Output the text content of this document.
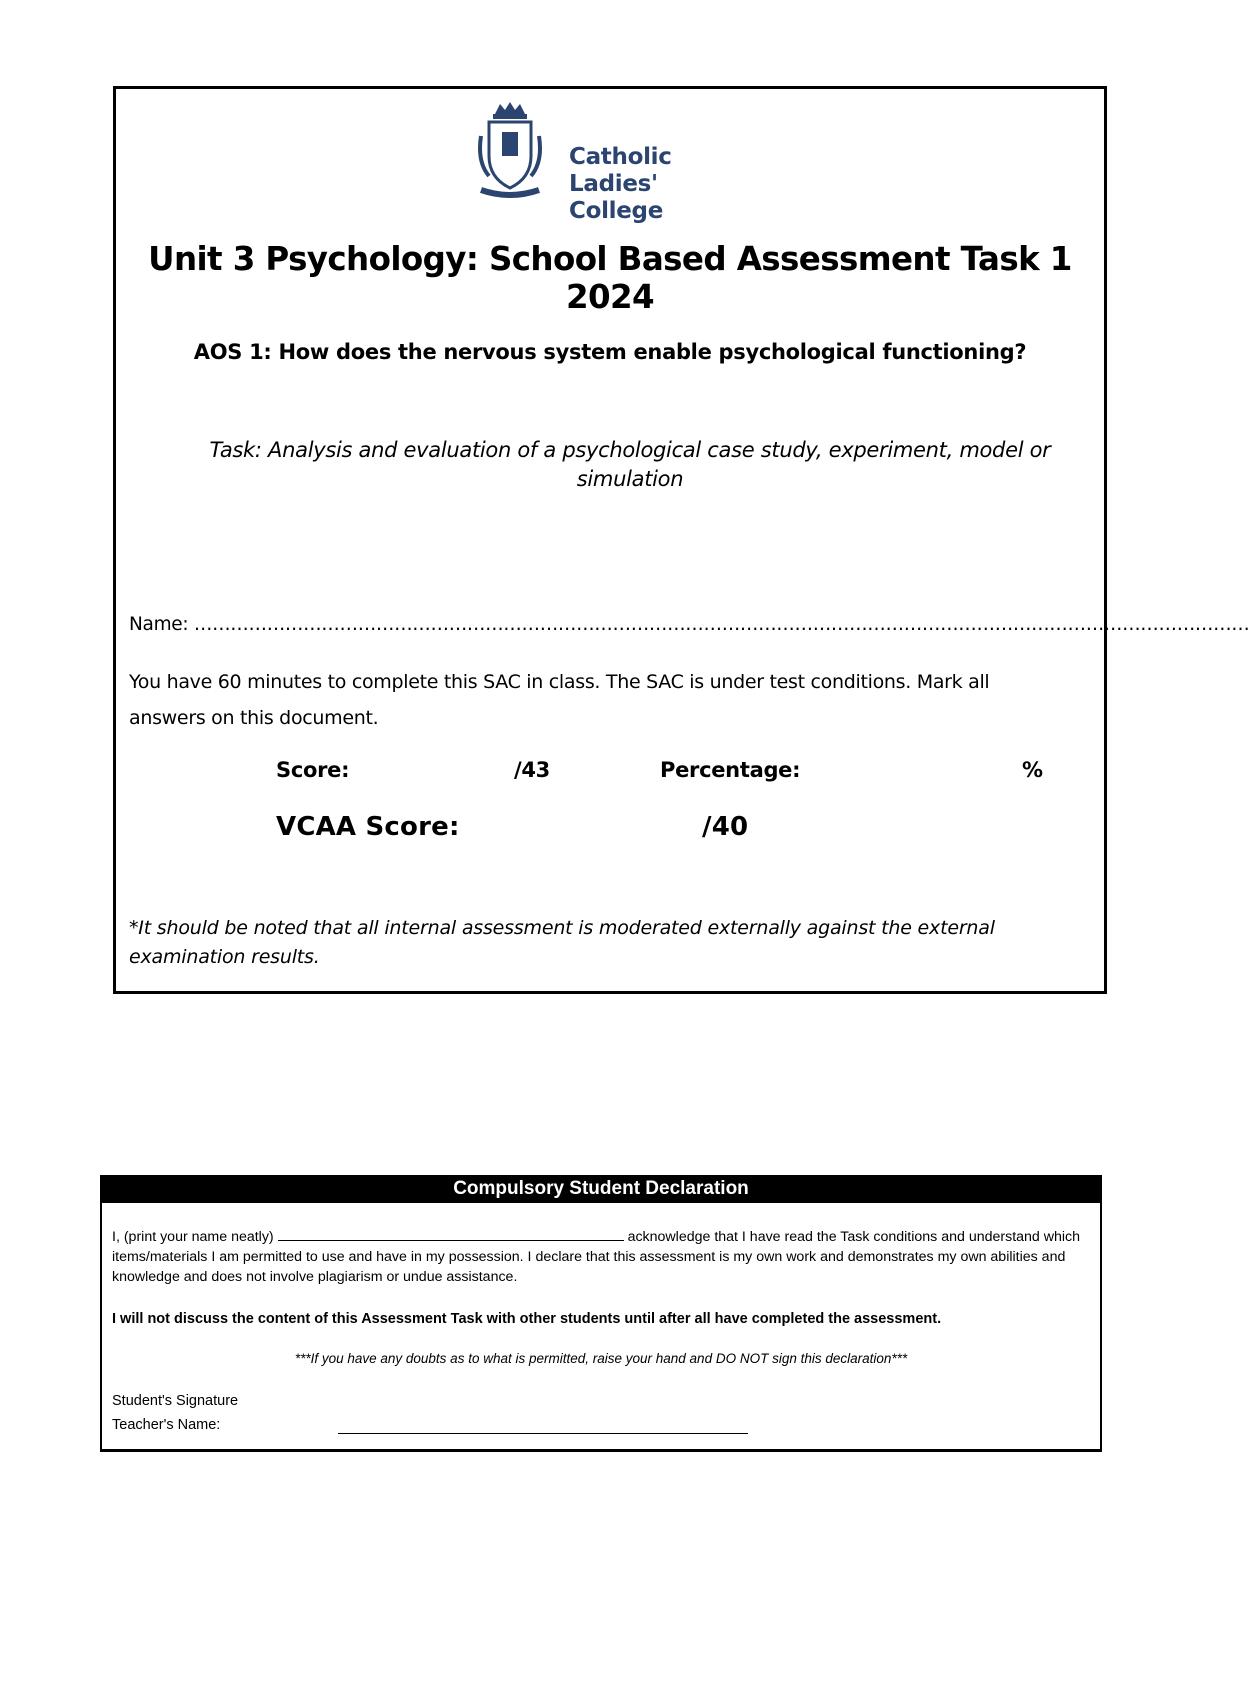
Catholic
Ladies' College
Unit 3 Psychology: School Based Assessment Task 1 2024
AOS 1: How does the nervous system enable psychological functioning?
Task: Analysis and evaluation of a psychological case study, experiment, model or simulation
Name: …………………………………………………………………………………………………………………………………………………………
You have 60 minutes to complete this SAC in class. The SAC is under test conditions. Mark all answers on this document.
Score:	/43	Percentage:	%
VCAA Score:	/40
*It should be noted that all internal assessment is moderated externally against the external examination results.
Compulsory Student Declaration
I, (print your name neatly)	acknowledge that I have read the Task conditions and understand which items/materials I am permitted to use and have in my possession. I declare that this assessment is my own work and demonstrates my own abilities and knowledge and does not involve plagiarism or undue assistance.
I will not discuss the content of this Assessment Task with other students until after all have completed the assessment.
***If you have any doubts as to what is permitted, raise your hand and DO NOT sign this declaration***
Student's Signature
Teacher's Name:
